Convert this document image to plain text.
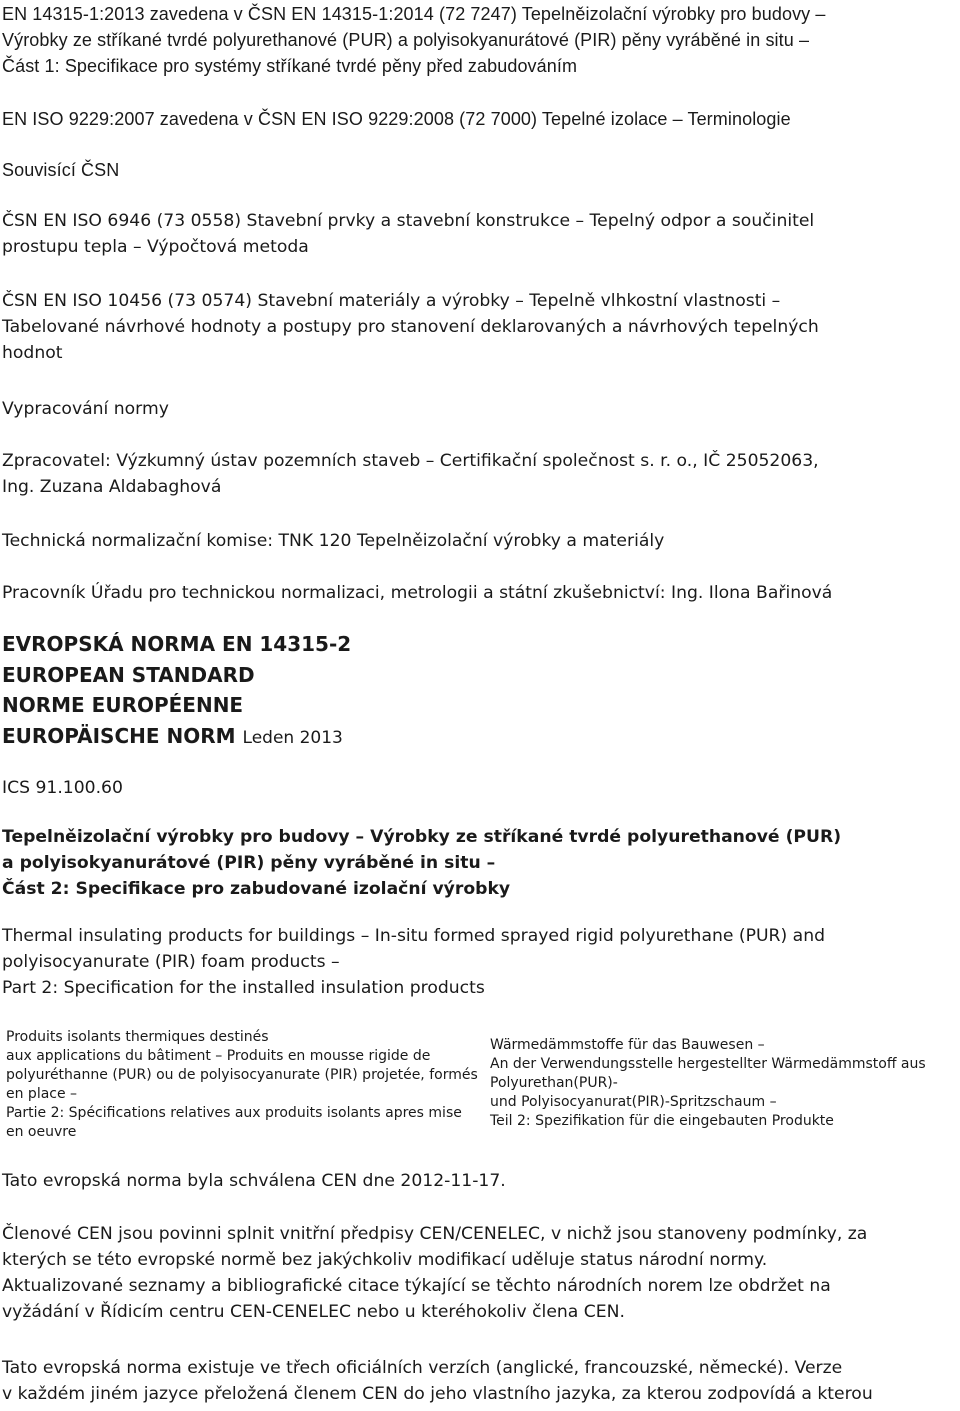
EN 14315-1:2013 zavedena v ČSN EN 14315-1:2014 (72 7247) Tepelněizolační výrobky pro budovy –
Výrobky ze stříkané tvrdé polyurethanové (PUR) a polyisokyanurátové (PIR) pěny vyráběné in situ –
Část 1: Specifikace pro systémy stříkané tvrdé pěny před zabudováním
EN ISO 9229:2007 zavedena v ČSN EN ISO 9229:2008 (72 7000) Tepelné izolace – Terminologie
Souvisící ČSN
ČSN EN ISO 6946 (73 0558) Stavební prvky a stavební konstrukce – Tepelný odpor a součinitel
prostupu tepla – Výpočtová metoda
ČSN EN ISO 10456 (73 0574) Stavební materiály a výrobky – Tepelně vlhkostní vlastnosti –
Tabelované návrhové hodnoty a postupy pro stanovení deklarovaných a návrhových tepelných
hodnot
Vypracování normy
Zpracovatel: Výzkumný ústav pozemních staveb – Certifikační společnost s. r. o., IČ 25052063,
Ing. Zuzana Aldabaghová
Technická normalizační komise: TNK 120 Tepelněizolační výrobky a materiály
Pracovník Úřadu pro technickou normalizaci, metrologii a státní zkušebnictví: Ing. Ilona Bařinová
EVROPSKÁ NORMA EN 14315-2
EUROPEAN STANDARD
NORME EUROPÉENNE
EUROPÄISCHE NORM Leden 2013
ICS 91.100.60
Tepelněizolační výrobky pro budovy – Výrobky ze stříkané tvrdé polyurethanové (PUR)
a polyisokyanurátové (PIR) pěny vyráběné in situ –
Část 2: Specifikace pro zabudované izolační výrobky
Thermal insulating products for buildings – In-situ formed sprayed rigid polyurethane (PUR) and
polyisocyanurate (PIR) foam products –
Part 2: Specification for the installed insulation products
Produits isolants thermiques destinés
aux applications du bâtiment – Produits en mousse rigide de
polyuréthanne (PUR) ou de polyisocyanurate (PIR) projetée, formés
en place –
Partie 2: Spécifications relatives aux produits isolants apres mise
en oeuvre
Wärmedämmstoffe für das Bauwesen –
An der Verwendungsstelle hergestellter Wärmedämmstoff aus
Polyurethan(PUR)-
und Polyisocyanurat(PIR)-Spritzschaum –
Teil 2: Spezifikation für die eingebauten Produkte
Tato evropská norma byla schválena CEN dne 2012-11-17.
Členové CEN jsou povinni splnit vnitřní předpisy CEN/CENELEC, v nichž jsou stanoveny podmínky, za
kterých se této evropské normě bez jakýchkoliv modifikací uděluje status národní normy.
Aktualizované seznamy a bibliografické citace týkající se těchto národních norem lze obdržet na
vyžádání v Řídicím centru CEN-CENELEC nebo u kteréhokoliv člena CEN.
Tato evropská norma existuje ve třech oficiálních verzích (anglické, francouzské, německé). Verze
v každém jiném jazyce přeložená členem CEN do jeho vlastního jazyka, za kterou zodpovídá a kterou
